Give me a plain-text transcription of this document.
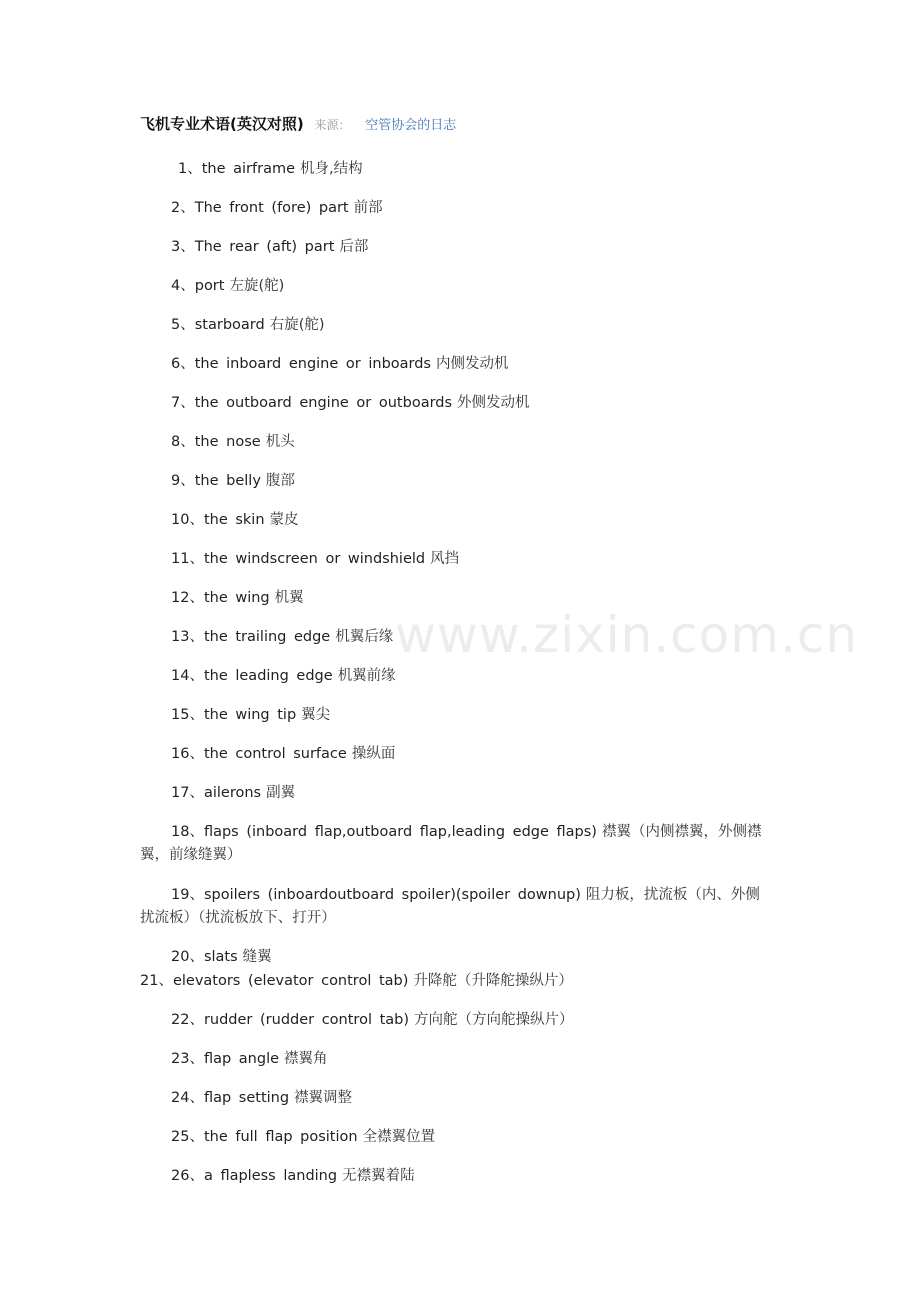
飞机专业术语(英汉对照) 来源： 空管协会的日志
www.zixin.com.cn
1、the airframe 机身,结构
2、The front (fore) part 前部
3、The rear (aft) part 后部
4、port 左旋(舵)
5、starboard 右旋(舵)
6、the inboard engine or inboards 内侧发动机
7、the outboard engine or outboards 外侧发动机
8、the nose 机头
9、the belly 腹部
10、the skin 蒙皮
11、the windscreen or windshield 风挡
12、the wing 机翼
13、the trailing edge 机翼后缘
14、the leading edge 机翼前缘
15、the wing tip 翼尖
16、the control surface 操纵面
17、ailerons 副翼
18、flaps (inboard flap,outboard flap,leading edge flaps) 襟翼（内侧襟翼，外侧襟
翼，前缘缝翼）
19、spoilers (inboardoutboard spoiler)(spoiler downup) 阻力板，扰流板（内、外侧
扰流板）（扰流板放下、打开）
20、slats 缝翼
21、elevators (elevator control tab) 升降舵（升降舵操纵片）
22、rudder (rudder control tab) 方向舵（方向舵操纵片）
23、flap angle 襟翼角
24、flap setting 襟翼调整
25、the full flap position 全襟翼位置
26、a flapless landing 无襟翼着陆
